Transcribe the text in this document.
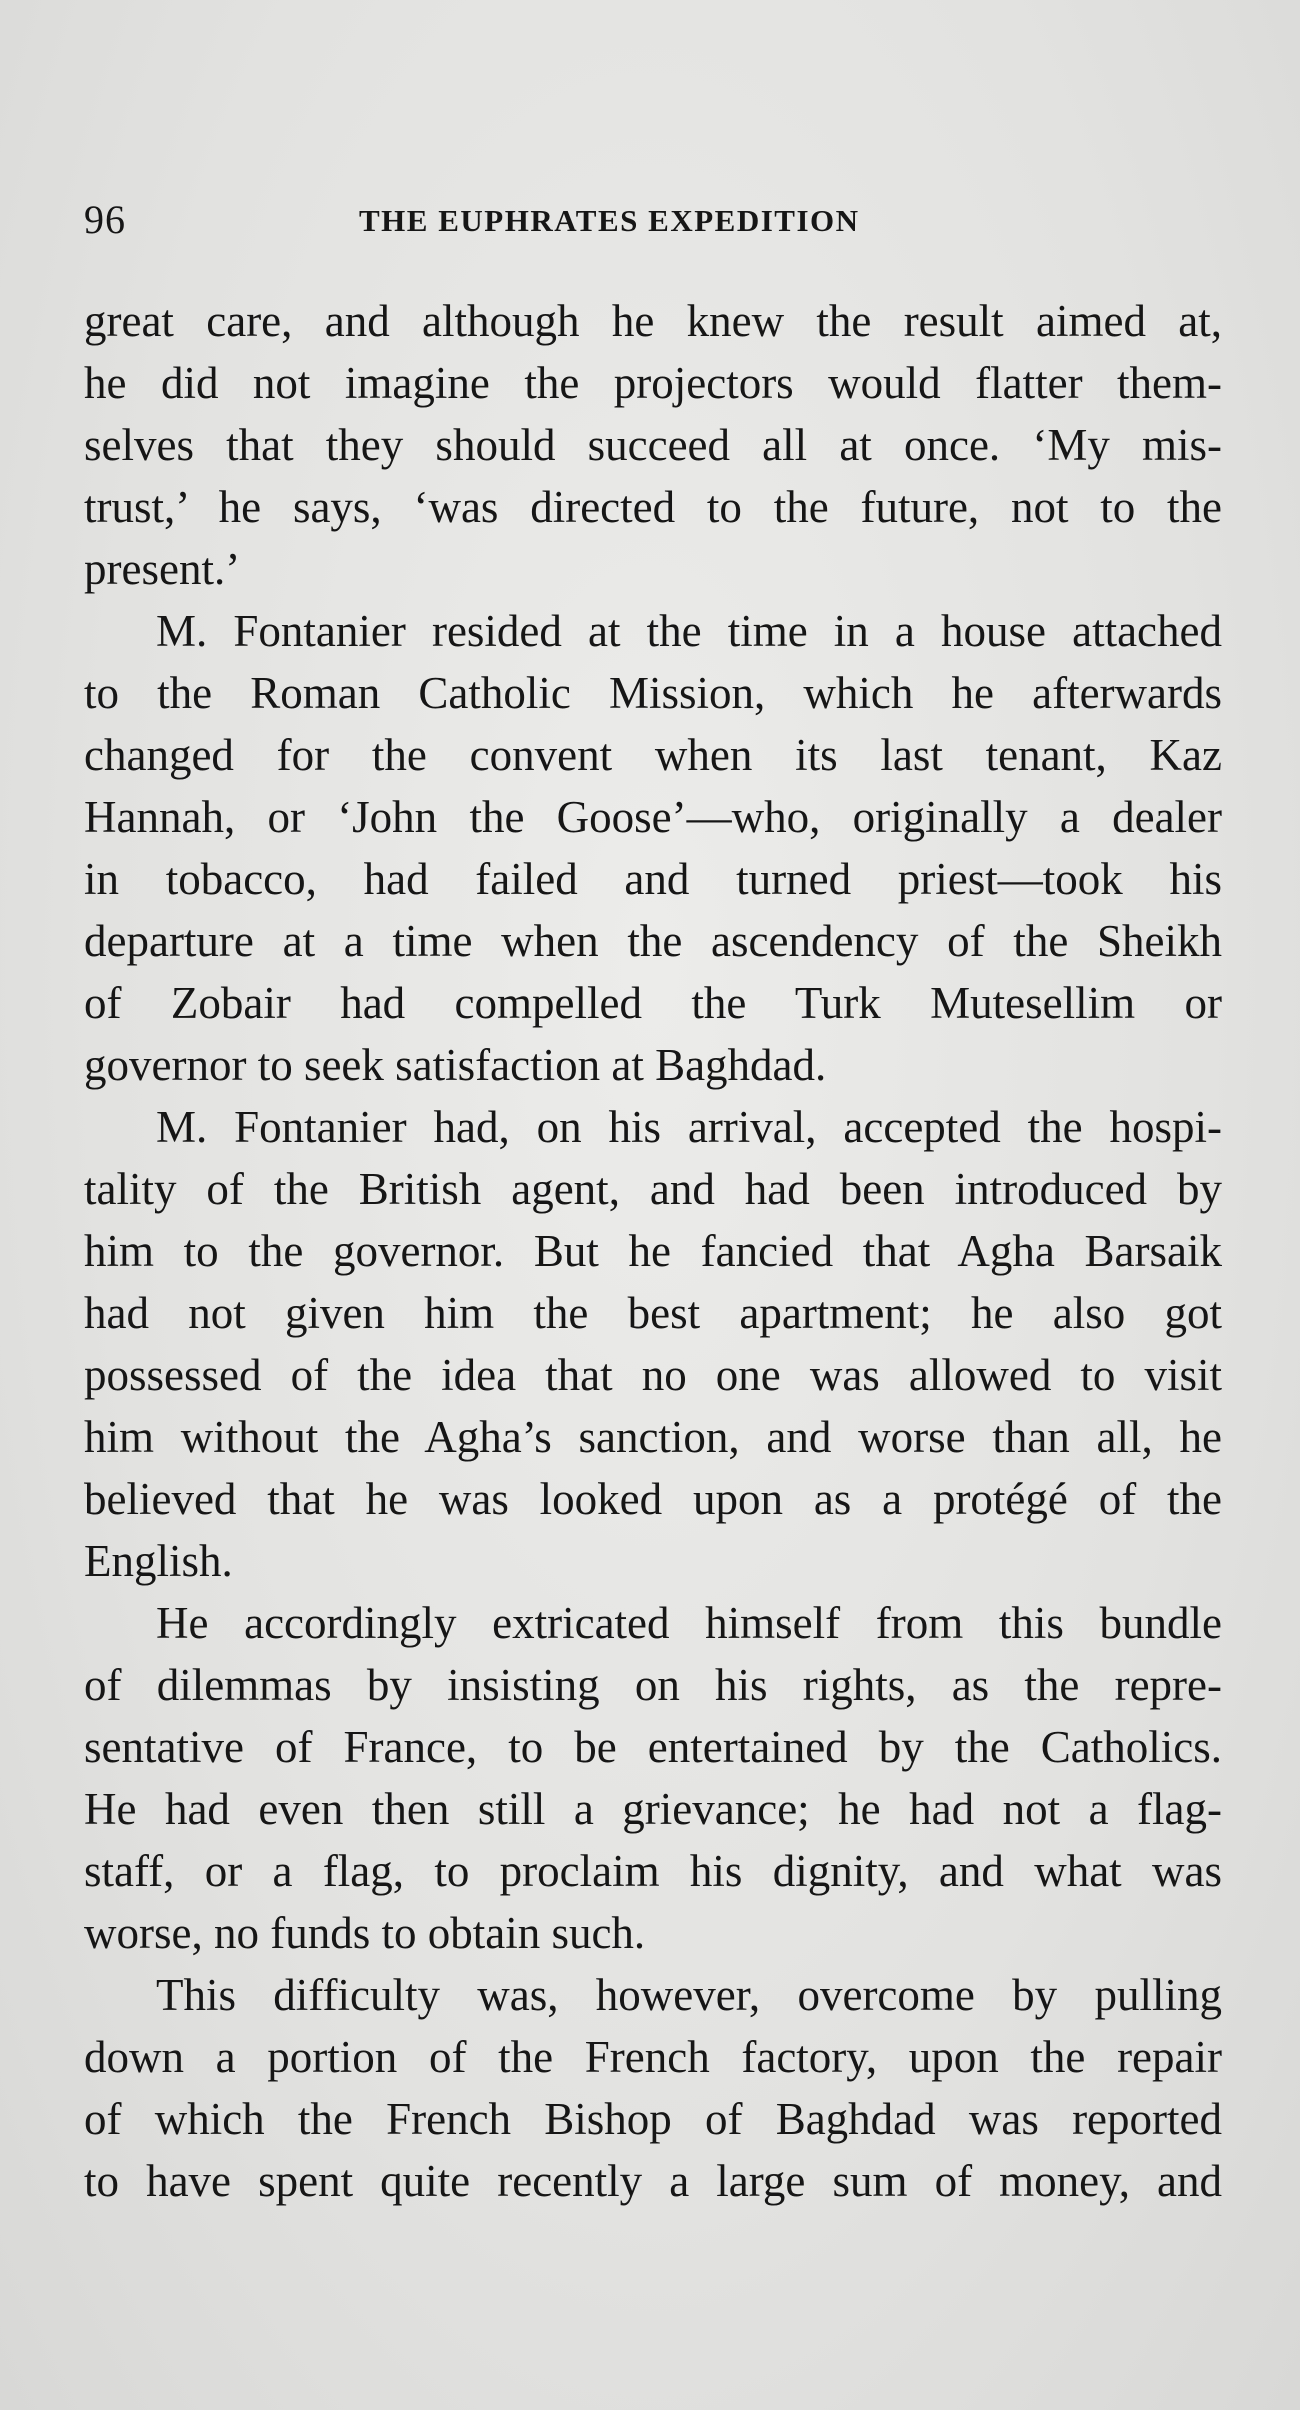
96	THE EUPHRATES EXPEDITION
great care, and although he knew the result aimed at,
he did not imagine the projectors would flatter them-
selves that they should succeed all at once. ‘My mis-
trust,’ he says, ‘was directed to the future, not to the
present.’
M. Fontanier resided at the time in a house attached
to the Roman Catholic Mission, which he afterwards
changed for the convent when its last tenant, Kaz
Hannah, or ‘John the Goose’—who, originally a dealer
in tobacco, had failed and turned priest—took his
departure at a time when the ascendency of the Sheikh
of Zobair had compelled the Turk Mutesellim or
governor to seek satisfaction at Baghdad.
M. Fontanier had, on his arrival, accepted the hospi-
tality of the British agent, and had been introduced by
him to the governor. But he fancied that Agha Barsaik
had not given him the best apartment; he also got
possessed of the idea that no one was allowed to visit
him without the Agha’s sanction, and worse than all, he
believed that he was looked upon as a protégé of the
English.
He accordingly extricated himself from this bundle
of dilemmas by insisting on his rights, as the repre-
sentative of France, to be entertained by the Catholics.
He had even then still a grievance; he had not a flag-
staff, or a flag, to proclaim his dignity, and what was
worse, no funds to obtain such.
This difficulty was, however, overcome by pulling
down a portion of the French factory, upon the repair
of which the French Bishop of Baghdad was reported
to have spent quite recently a large sum of money, and
